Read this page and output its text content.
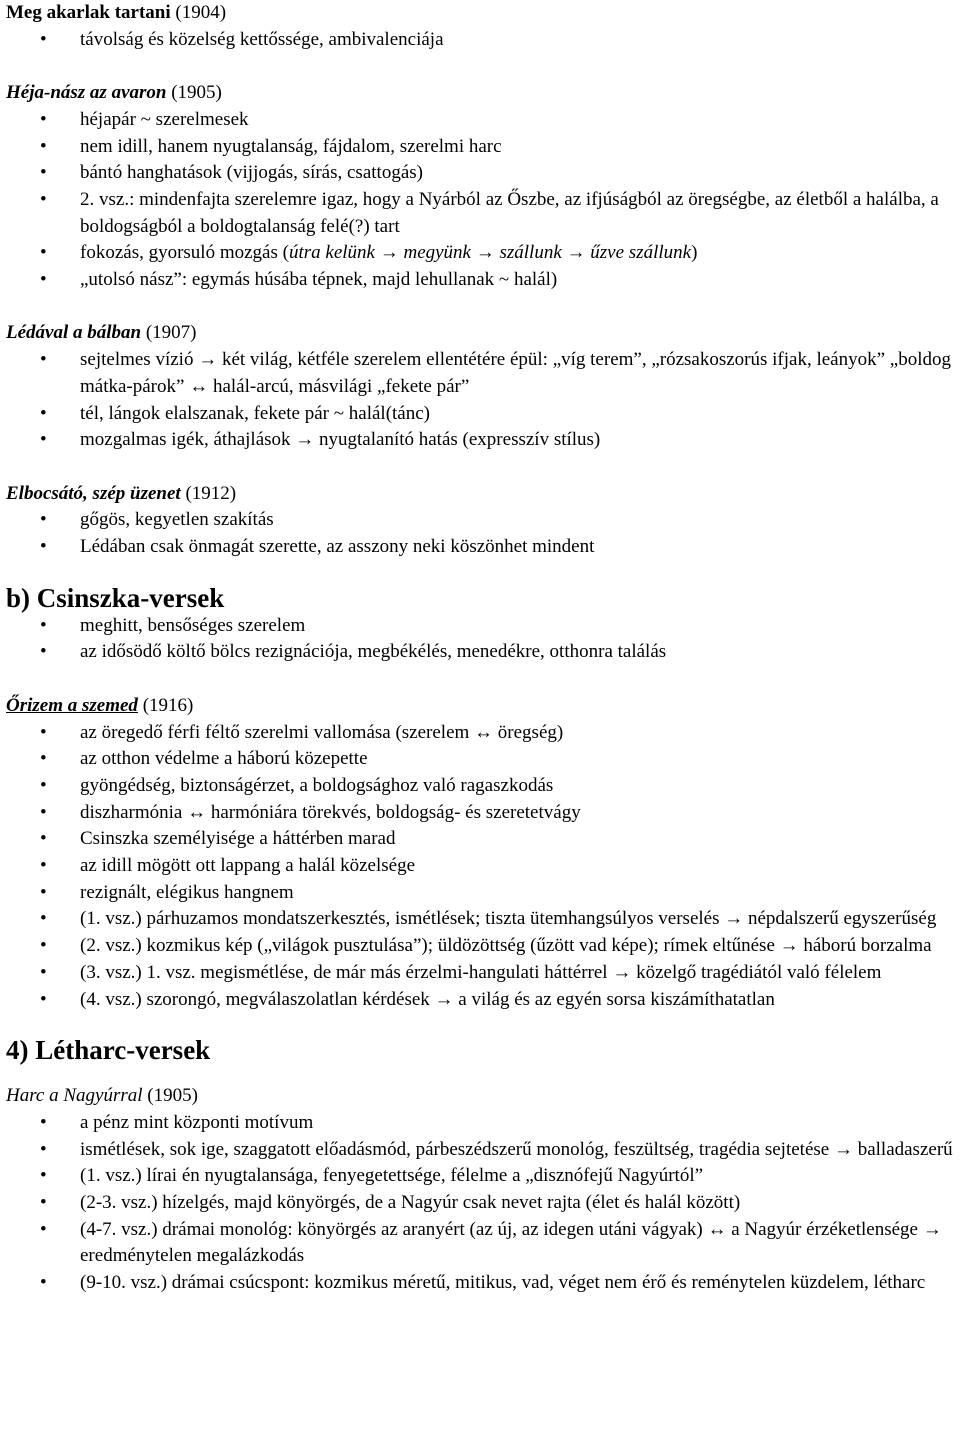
Meg akarlak tartani (1904)

• távolság és közelség kettőssége, ambivalenciája

Héja-nász az avaron (1905)

• héjapár ~ szerelmesek
• nem idill, hanem nyugtalanság, fájdalom, szerelmi harc
• bántó hanghatások (vijjogás, sírás, csattogás)
• 2. vsz.: mindenfajta szerelemre igaz, hogy a Nyárból az Őszbe, az ifjúságból az öregségbe, az életből a halálba, a boldogságból a boldogtalanság felé(?) tart
• fokozás, gyorsuló mozgás (útra kelünk → megyünk → szállunk → űzve szállunk)
• „utolsó nász”: egymás húsába tépnek, majd lehullanak ~ halál)

Lédával a bálban (1907)

• sejtelmes vízió → két világ, kétféle szerelem ellentétére épül: „víg terem”, „rózsakoszorús ifjak, leányok” „boldog mátka-párok” ↔ halál-arcú, másvilági „fekete pár”
• tél, lángok elalszanak, fekete pár ~ halál(tánc)
• mozgalmas igék, áthajlások → nyugtalanító hatás (expresszív stílus)

Elbocsátó, szép üzenet (1912)

• gőgös, kegyetlen szakítás
• Lédában csak önmagát szerette, az asszony neki köszönhet mindent
b) Csinszka-versek
• meghitt, bensőséges szerelem
• az idősödő költő bölcs rezignációja, megbékélés, menedékre, otthonra találás

Őrizem a szemed (1916)

• az öregedő férfi féltő szerelmi vallomása (szerelem ↔ öregség)
• az otthon védelme a háború közepette
• gyöngédség, biztonságérzet, a boldogsághoz való ragaszkodás
• diszharmónia ↔ harmóniára törekvés, boldogság- és szeretetvágy
• Csinszka személyisége a háttérben marad
• az idill mögött ott lappang a halál közelsége
• rezignált, elégikus hangnem
• (1. vsz.) párhuzamos mondatszerkesztés, ismétlések; tiszta ütemhangsúlyos verselés → népdalszerű egyszerűség
• (2. vsz.) kozmikus kép („világok pusztulása”); üldözöttség (űzött vad képe); rímek eltűnése → háború borzalma
• (3. vsz.) 1. vsz. megismétlése, de már más érzelmi-hangulati háttérrel → közelgő tragédiától való félelem
• (4. vsz.) szorongó, megválaszolatlan kérdések → a világ és az egyén sorsa kiszámíthatatlan
4) Létharc-versek

Harc a Nagyúrral (1905)

• a pénz mint központi motívum
• ismétlések, sok ige, szaggatott előadásmód, párbeszédszerű monológ, feszültség, tragédia sejtetése → balladaszerű
• (1. vsz.) lírai én nyugtalansága, fenyegetettsége, félelme a „disznófejű Nagyúrtól”
• (2-3. vsz.) hízelgés, majd könyörgés, de a Nagyúr csak nevet rajta (élet és halál között)
• (4-7. vsz.) drámai monológ: könyörgés az aranyért (az új, az idegen utáni vágyak) ↔ a Nagyúr érzéketlensége → eredménytelen megalázkodás
• (9-10. vsz.) drámai csúcspont: kozmikus méretű, mitikus, vad, véget nem érő és reménytelen küzdelem, létharc
